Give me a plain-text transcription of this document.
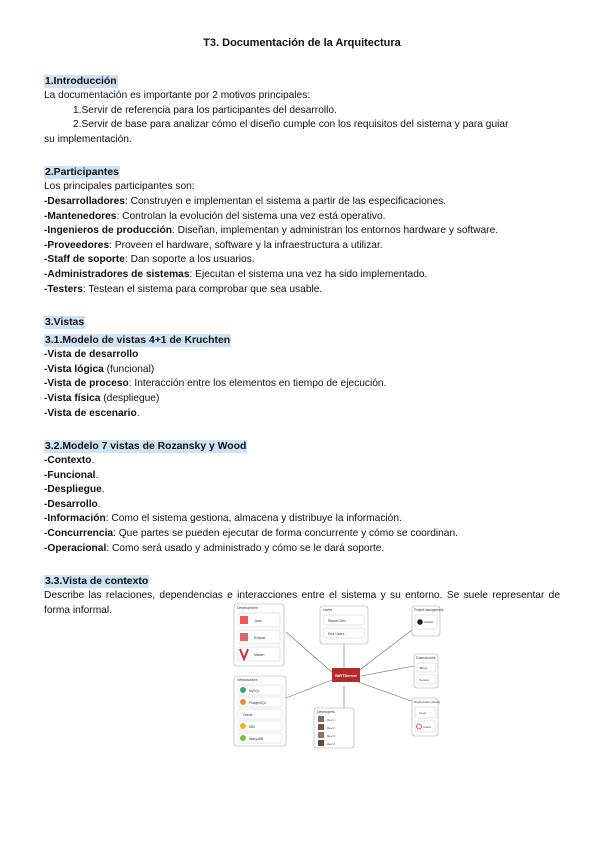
T3. Documentación de la Arquitectura
1.Introducción

La documentación es importante por 2 motivos principales:

1.Servir de referencia para los participantes del desarrollo.

2.Servir de base para analizar cómo el diseño cumple con los requisitos del sistema y para guiar

su implementación.

2.Participantes

Los principales participantes son:

-Desarrolladores: Construyen e implementan el sistema a partir de las especificaciones.

-Mantenedores: Controlan la evolución del sistema una vez está operativo.

-Ingenieros de producción: Diseñan, implementan y administran los entornos hardware y software.

-Proveedores: Proveen el hardware, software y la infraestructura a utilizar.

-Staff de soporte: Dan soporte a los usuarios.

-Administradores de sistemas: Ejecutan el sistema una vez ha sido implementado.

-Testers: Testean el sistema para comprobar que sea usable.

3.Vistas
3.1.Modelo de vistas 4+1 de Kruchten

-Vista de desarrollo

-Vista lógica (funcional)

-Vista de proceso: Interacción entre los elementos en tiempo de ejecución.

-Vista física (despliegue)

-Vista de escenario.

3.2.Modelo 7 vistas de Rozansky y Wood

-Contexto.

-Funcional.

-Despliegue.

-Desarrollo.

-Información: Como el sistema gestiona, almacena y distribuye la información.

-Concurrencia: Que partes se pueden ejecutar de forma concurrente y cómo se coordinan.

-Operacional: Como será usado y administrado y cómo se le dará soporte.

3.3.Vista de contexto

Describe las relaciones, dependencias e interacciones entre el sistema y su entorno. Se suele representar de forma informal.	Development
Java
Eclipse
Maven
Users
Report Dev
End Users
Project management
GitHub
External tools
JBoss
Tomcat
BIRTServer
Infrastructure
MySQL
PostgreSQL
Oracle
DB2
MongoDB
Developers
Dev 1
Dev 2
Dev 3
Dev 4
Deployment (cloud)
Linux
Cloud
